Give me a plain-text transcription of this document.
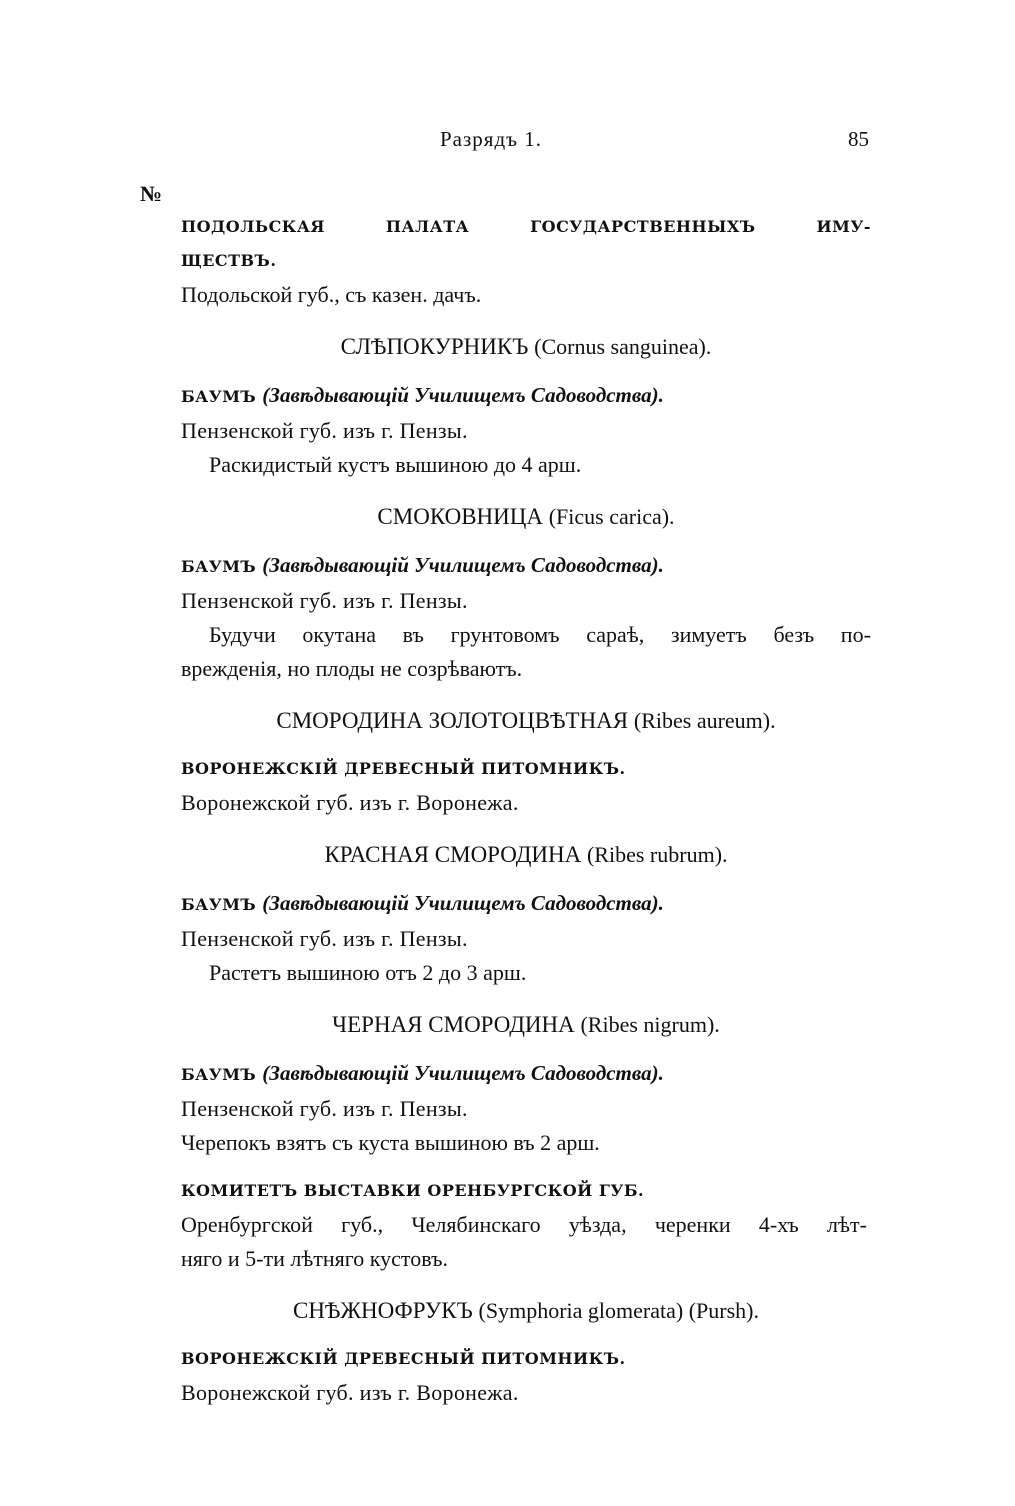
Разрядъ 1.	85
№
ПОДОЛЬСКАЯ	ПАЛАТА	ГОСУДАРСТВЕННЫХЪ	ИМУ-
ЩЕСТВЪ.
Подольской губ., съ казен. дачъ.
СЛѢПОКУРНИКЪ (Cornus sanguinea).
БАУМЪ (Завѣдывающій Училищемъ Садоводства).
Пензенской губ. изъ г. Пензы.
Раскидистый кустъ вышиною до 4 арш.
СМОКОВНИЦА (Ficus carica).
БАУМЪ (Завѣдывающій Училищемъ Садоводства).
Пензенской губ. изъ г. Пензы.
Будучи окутана въ грунтовомъ сараѣ, зимуетъ безъ по-
врежденія, но плоды не созрѣваютъ.
СМОРОДИНА ЗОЛОТОЦВѢТНАЯ (Ribes aureum).
ВОРОНЕЖСКІЙ ДРЕВЕСНЫЙ ПИТОМНИКЪ.
Воронежской губ. изъ г. Воронежа.
КРАСНАЯ СМОРОДИНА (Ribes rubrum).
БАУМЪ (Завѣдывающій Училищемъ Садоводства).
Пензенской губ. изъ г. Пензы.
Растетъ вышиною отъ 2 до 3 арш.
ЧЕРНАЯ СМОРОДИНА (Ribes nigrum).
БАУМЪ (Завѣдывающій Училищемъ Садоводства).
Пензенской губ. изъ г. Пензы.
Черепокъ взятъ съ куста вышиною въ 2 арш.
КОМИТЕТЪ ВЫСТАВКИ ОРЕНБУРГСКОЙ ГУБ.
Оренбургской губ., Челябинскаго уѣзда, черенки 4-хъ лѣт-
няго и 5-ти лѣтняго кустовъ.
СНѢЖНОФРУКЪ (Symphoria glomerata) (Pursh).
ВОРОНЕЖСКІЙ ДРЕВЕСНЫЙ ПИТОМНИКЪ.
Воронежской губ. изъ г. Воронежа.
